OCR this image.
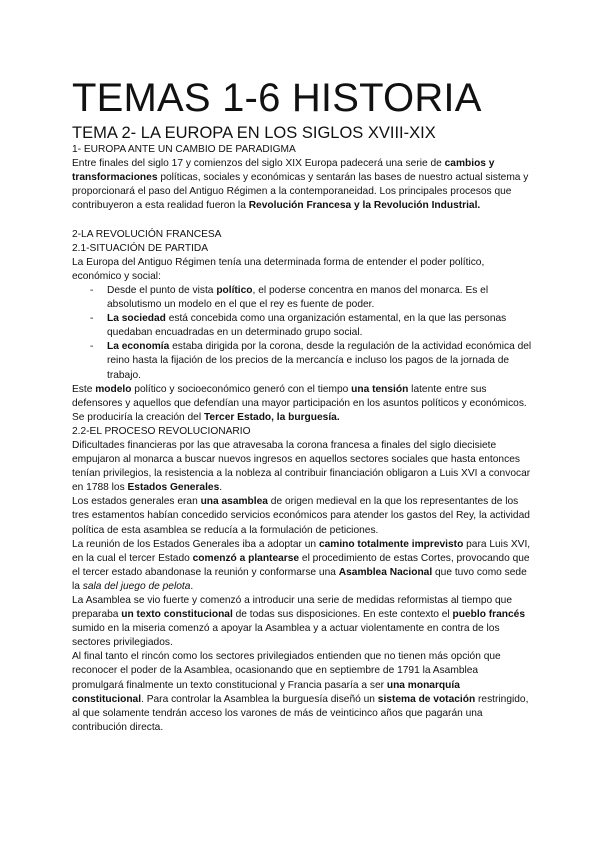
TEMAS 1-6 HISTORIA
TEMA 2- LA EUROPA EN LOS SIGLOS XVIII-XIX
1- EUROPA ANTE UN CAMBIO DE PARADIGMA

Entre finales del siglo 17 y comienzos del siglo XIX Europa padecerá una serie de cambios y transformaciones políticas, sociales y económicas y sentarán las bases de nuestro actual sistema y proporcionará el paso del Antiguo Régimen a la contemporaneidad. Los principales procesos que contribuyeron a esta realidad fueron la Revolución Francesa y la Revolución Industrial.

2-LA REVOLUCIÓN FRANCESA
2.1-SITUACIÓN DE PARTIDA

La Europa del Antiguo Régimen tenía una determinada forma de entender el poder político, económico y social:

- Desde el punto de vista político, el poderse concentra en manos del monarca. Es el absolutismo un modelo en el que el rey es fuente de poder.
- La sociedad está concebida como una organización estamental, en la que las personas quedaban encuadradas en un determinado grupo social.
- La economía estaba dirigida por la corona, desde la regulación de la actividad económica del reino hasta la fijación de los precios de la mercancía e incluso los pagos de la jornada de trabajo.

Este modelo político y socioeconómico generó con el tiempo una tensión latente entre sus defensores y aquellos que defendían una mayor participación en los asuntos políticos y económicos. Se produciría la creación del Tercer Estado, la burguesía.

2.2-EL PROCESO REVOLUCIONARIO

Dificultades financieras por las que atravesaba la corona francesa a finales del siglo diecisiete empujaron al monarca a buscar nuevos ingresos en aquellos sectores sociales que hasta entonces tenían privilegios, la resistencia a la nobleza al contribuir financiación obligaron a Luis XVI a convocar en 1788 los Estados Generales.

Los estados generales eran una asamblea de origen medieval en la que los representantes de los tres estamentos habían concedido servicios económicos para atender los gastos del Rey, la actividad política de esta asamblea se reducía a la formulación de peticiones.

La reunión de los Estados Generales iba a adoptar un camino totalmente imprevisto para Luis XVI, en la cual el tercer Estado comenzó a plantearse el procedimiento de estas Cortes, provocando que el tercer estado abandonase la reunión y conformarse una Asamblea Nacional que tuvo como sede la sala del juego de pelota.

La Asamblea se vio fuerte y comenzó a introducir una serie de medidas reformistas al tiempo que preparaba un texto constitucional de todas sus disposiciones. En este contexto el pueblo francés sumido en la miseria comenzó a apoyar la Asamblea y a actuar violentamente en contra de los sectores privilegiados.

Al final tanto el rincón como los sectores privilegiados entienden que no tienen más opción que reconocer el poder de la Asamblea, ocasionando que en septiembre de 1791 la Asamblea promulgará finalmente un texto constitucional y Francia pasaría a ser una monarquía constitucional. Para controlar la Asamblea la burguesía diseñó un sistema de votación restringido, al que solamente tendrán acceso los varones de más de veinticinco años que pagarán una contribución directa.
